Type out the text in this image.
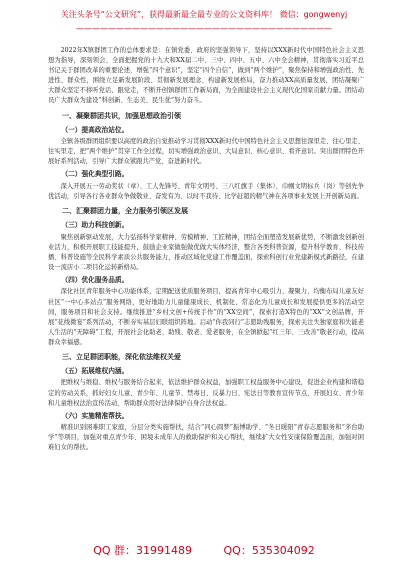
关注头条号“公文研究”，获得最新最全最专业的公文资料库！ 微信：gongwenyj
————————————————————————————————

2022年X镇群团工作的总体要求是：在镇党委、政府的坚强领导下，坚持以XXX新时代中国特色社会主义思想为指导，深刻领会、全面把握党的十九大和XX届二中、三中、四中、五中、六中全会精神，贯彻落实习近平总书记关于群团改革的重要论述，增强“四个意识”，坚定“四个自信”，做到“两个维护”，聚焦保持和增强政治性、先进性、群众性，围绕立足新发展阶段、贯彻新发展理念、构建新发展格局，奋力推动XX高质量发展，团结凝聚广大群众坚定不移听党话、跟党走，不断开创镇群团工作新局面，为全面建设社会主义现代化国家贡献力量。团结动员广大群众为建设“科创新、生态美、民生优”努力奋斗。

一、凝聚群团共识，加强思想政治引领

（一）提高政治站位。

全镇各级群团组织要以高度的政治自觉推动学习贯彻XXX新时代中国特色社会主义思想往深里走、往心里走、往实里走，把“两个维护”贯穿工作全过程，切实增强政治意识、大局意识、核心意识、看齐意识。突出群团特色开展好系列活动，引导广大群众紧跟共产党、奋进新时代。

（二）强化典型引路。

深入开展五一劳动奖状（章）、工人先锋号、青年文明号、三八红旗手（集体）、巾帼文明标兵（岗）等创先争优活动，引导各行各业群众争做敬业、奋发有为、以时不我待、比学赶超的精气神在各项事业发展上开创新局面。

二、汇聚群团力量，全力服务引领区发展

（三）助力科技创新。

聚焦创新驱动发展，大力弘扬科学家精神、劳模精神、工匠精神，团结全面塑造发展新优势，不断激发创新创业活力，积极开展职工技能提升，鼓励企业家做强做优做大实体经济，整合各类科普资源，提升科学教育、科技传播、科普设施等全民科学素质公共服务能力，推动区域化党建工作覆盖面，探索科创行业党建新模式新路径，在建设一流店小二项目化运转新格局。

（四）优化服务品质。

深化社区青年服务中心功能体系，定期配送优质服务项目，提高青年中心吸引力、凝聚力、均衡布局儿童友好社区“一中心多站点”服务网络，更好地助力儿童健康成长、机制化、常态化为儿童成长和发展提供更多的活动空间，服务项目和社会支持。继续推进“乡村文创+传统手作”的“XX空间”，探索打造X特色的“XX”文创品牌，开展“花线微宴”系列活动，不断夯实基层妇联组织阵地。启动“你我同行”志愿助残服务，探索关注失独家庭和失能老人生活的“无障碍”工程，开展社会化助老、助残、敬老、爱老服务，在全镇掀起“红三年、三改善”敬老行动，提高群众幸福感。

三、立足群团职能，深化依法维权关爱

（五）拓展维权内涵。

把维权与维稳、维权与服务结合起来，依法维护群众权益，加强职工权益服务中心建设，促进企业构建和谐稳定的劳动关系，抓好妇女儿童、青少年、儿童节、禁毒日、反暴力日、宪法日等教育宣传节点，开展妇女、青少年和儿童维权法治宣传活动，帮助群众用好法律保护自身合法权益。

（六）实施精准帮扶。

精准识别困难职工家庭，分层分类实施帮扶，结合“同心圆梦”振博助学、“冬日暖阳”青春志愿服务和“茅台助学”等项目，加强对重点青少年、困境未成年人的救助保护和关心帮扶，继续扩大女性安康保险覆盖面，加强对困难妇女的帮扶。

QQ 群：31991489	QQ：535304092
